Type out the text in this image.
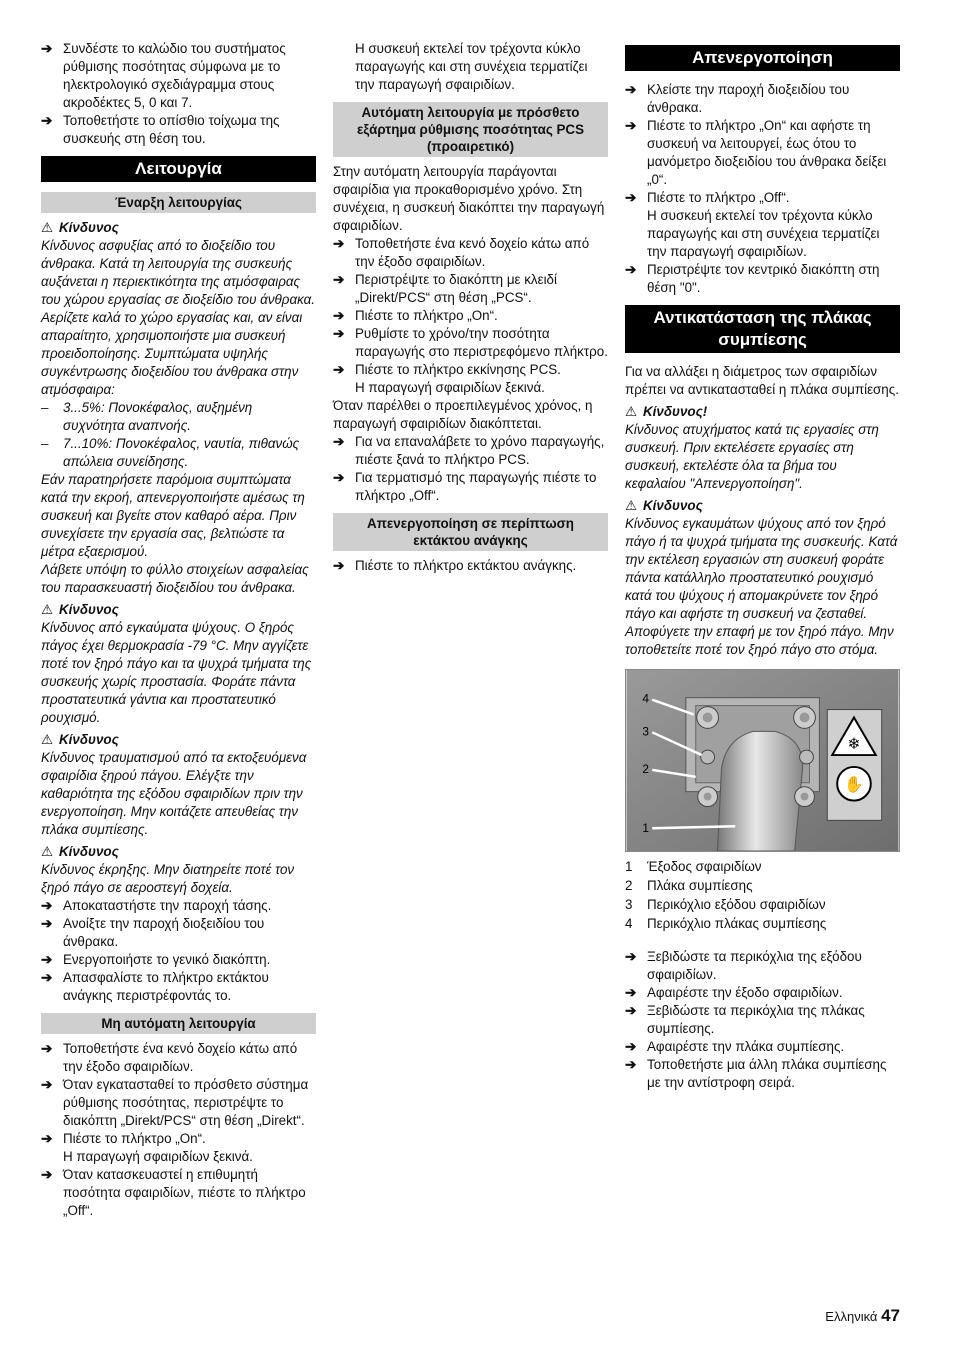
➔ Συνδέστε το καλώδιο του συστήματος ρύθμισης ποσότητας σύμφωνα με το ηλεκτρολογικό σχεδιάγραμμα στους ακροδέκτες 5, 0 και 7.
➔ Τοποθετήστε το οπίσθιο τοίχωμα της συσκευής στη θέση του.
Λειτουργία
Έναρξη λειτουργίας
⚠ Κίνδυνος

Κίνδυνος ασφυξίας από το διοξείδιο του άνθρακα. Κατά τη λειτουργία της συσκευής αυξάνεται η περιεκτικότητα της ατμόσφαιρας του χώρου εργασίας σε διοξείδιο του άνθρακα. Αερίζετε καλά το χώρο εργασίας και, αν είναι απαραίτητο, χρησιμοποιήστε μια συσκευή προειδοποίησης. Συμπτώματα υψηλής συγκέντρωσης διοξειδίου του άνθρακα στην ατμόσφαιρα:

– 3...5%: Πονοκέφαλος, αυξημένη συχνότητα αναπνοής.
– 7...10%: Πονοκέφαλος, ναυτία, πιθανώς απώλεια συνείδησης.

Εάν παρατηρήσετε παρόμοια συμπτώματα κατά την εκροή, απενεργοποιήστε αμέσως τη συσκευή και βγείτε στον καθαρό αέρα. Πριν συνεχίσετε την εργασία σας, βελτιώστε τα μέτρα εξαερισμού.

Λάβετε υπόψη το φύλλο στοιχείων ασφαλείας του παρασκευαστή διοξειδίου του άνθρακα.

⚠ Κίνδυνος

Κίνδυνος από εγκαύματα ψύχους. Ο ξηρός πάγος έχει θερμοκρασία -79 °C. Μην αγγίζετε ποτέ τον ξηρό πάγο και τα ψυχρά τμήματα της συσκευής χωρίς προστασία. Φοράτε πάντα προστατευτικά γάντια και προστατευτικό ρουχισμό.

⚠ Κίνδυνος

Κίνδυνος τραυματισμού από τα εκτοξευόμενα σφαιρίδια ξηρού πάγου. Ελέγξτε την καθαριότητα της εξόδου σφαιριδίων πριν την ενεργοποίηση. Μην κοιτάζετε απευθείας την πλάκα συμπίεσης.

⚠ Κίνδυνος

Κίνδυνος έκρηξης. Μην διατηρείτε ποτέ τον ξηρό πάγο σε αεροστεγή δοχεία.

➔ Αποκαταστήστε την παροχή τάσης.
➔ Ανοίξτε την παροχή διοξειδίου του άνθρακα.
➔ Ενεργοποιήστε το γενικό διακόπτη.
➔ Απασφαλίστε το πλήκτρο εκτάκτου ανάγκης περιστρέφοντάς το.
Μη αυτόματη λειτουργία
➔ Τοποθετήστε ένα κενό δοχείο κάτω από την έξοδο σφαιριδίων.
➔ Όταν εγκατασταθεί το πρόσθετο σύστημα ρύθμισης ποσότητας, περιστρέψτε το διακόπτη „Direkt/PCS“ στη θέση „Direkt“.
➔ Πιέστε το πλήκτρο „On“.

Η παραγωγή σφαιριδίων ξεκινά.

➔ Όταν κατασκευαστεί η επιθυμητή ποσότητα σφαιριδίων, πιέστε το πλήκτρο „Off“.

Η συσκευή εκτελεί τον τρέχοντα κύκλο παραγωγής και στη συνέχεια τερματίζει την παραγωγή σφαιριδίων.

Αυτόματη λειτουργία με πρόσθετο εξάρτημα ρύθμισης ποσότητας PCS (προαιρετικό)

Στην αυτόματη λειτουργία παράγονται σφαιρίδια για προκαθορισμένο χρόνο. Στη συνέχεια, η συσκευή διακόπτει την παραγωγή σφαιριδίων.

➔ Τοποθετήστε ένα κενό δοχείο κάτω από την έξοδο σφαιριδίων.
➔ Περιστρέψτε το διακόπτη με κλειδί „Direkt/PCS“ στη θέση „PCS“.
➔ Πιέστε το πλήκτρο „On“.
➔ Ρυθμίστε το χρόνο/την ποσότητα παραγωγής στο περιστρεφόμενο πλήκτρο.
➔ Πιέστε το πλήκτρο εκκίνησης PCS.

Η παραγωγή σφαιριδίων ξεκινά.

Όταν παρέλθει ο προεπιλεγμένος χρόνος, η παραγωγή σφαιριδίων διακόπτεται.

➔ Για να επαναλάβετε το χρόνο παραγωγής, πιέστε ξανά το πλήκτρο PCS.
➔ Για τερματισμό της παραγωγής πιέστε το πλήκτρο „Off“.
Απενεργοποίηση σε περίπτωση εκτάκτου ανάγκης
➔ Πιέστε το πλήκτρο εκτάκτου ανάγκης.
Απενεργοποίηση
➔ Κλείστε την παροχή διοξειδίου του άνθρακα.
➔ Πιέστε το πλήκτρο „On“ και αφήστε τη συσκευή να λειτουργεί, έως ότου το μανόμετρο διοξειδίου του άνθρακα δείξει „0“.
➔ Πιέστε το πλήκτρο „Off“.

Η συσκευή εκτελεί τον τρέχοντα κύκλο παραγωγής και στη συνέχεια τερματίζει την παραγωγή σφαιριδίων.

➔ Περιστρέψτε τον κεντρικό διακόπτη στη θέση "0".
Αντικατάσταση της πλάκας συμπίεσης

Για να αλλάξει η διάμετρος των σφαιριδίων πρέπει να αντικατασταθεί η πλάκα συμπίεσης.

⚠ Κίνδυνος!

Κίνδυνος ατυχήματος κατά τις εργασίες στη συσκευή. Πριν εκτελέσετε εργασίες στη συσκευή, εκτελέστε όλα τα βήμα του κεφαλαίου "Απενεργοποίηση".

⚠ Κίνδυνος

Κίνδυνος εγκαυμάτων ψύχους από τον ξηρό πάγο ή τα ψυχρά τμήματα της συσκευής. Κατά την εκτέλεση εργασιών στη συσκευή φοράτε πάντα κατάλληλο προστατευτικό ρουχισμό κατά του ψύχους ή απομακρύνετε τον ξηρό πάγο και αφήστε τη συσκευή να ζεσταθεί.

Αποφύγετε την επαφή με τον ξηρό πάγο. Μην τοποθετείτε ποτέ τον ξηρό πάγο στο στόμα.

❄
✋
4
3
2
1
1 Έξοδος σφαιριδίων
2 Πλάκα συμπίεσης
3 Περικόχλιο εξόδου σφαιριδίων
4 Περικόχλιο πλάκας συμπίεσης
➔ Ξεβιδώστε τα περικόχλια της εξόδου σφαιριδίων.
➔ Αφαιρέστε την έξοδο σφαιριδίων.
➔ Ξεβιδώστε τα περικόχλια της πλάκας συμπίεσης.
➔ Αφαιρέστε την πλάκα συμπίεσης.
➔ Τοποθετήστε μια άλλη πλάκα συμπίεσης με την αντίστροφη σειρά.
Ελληνικά 47
